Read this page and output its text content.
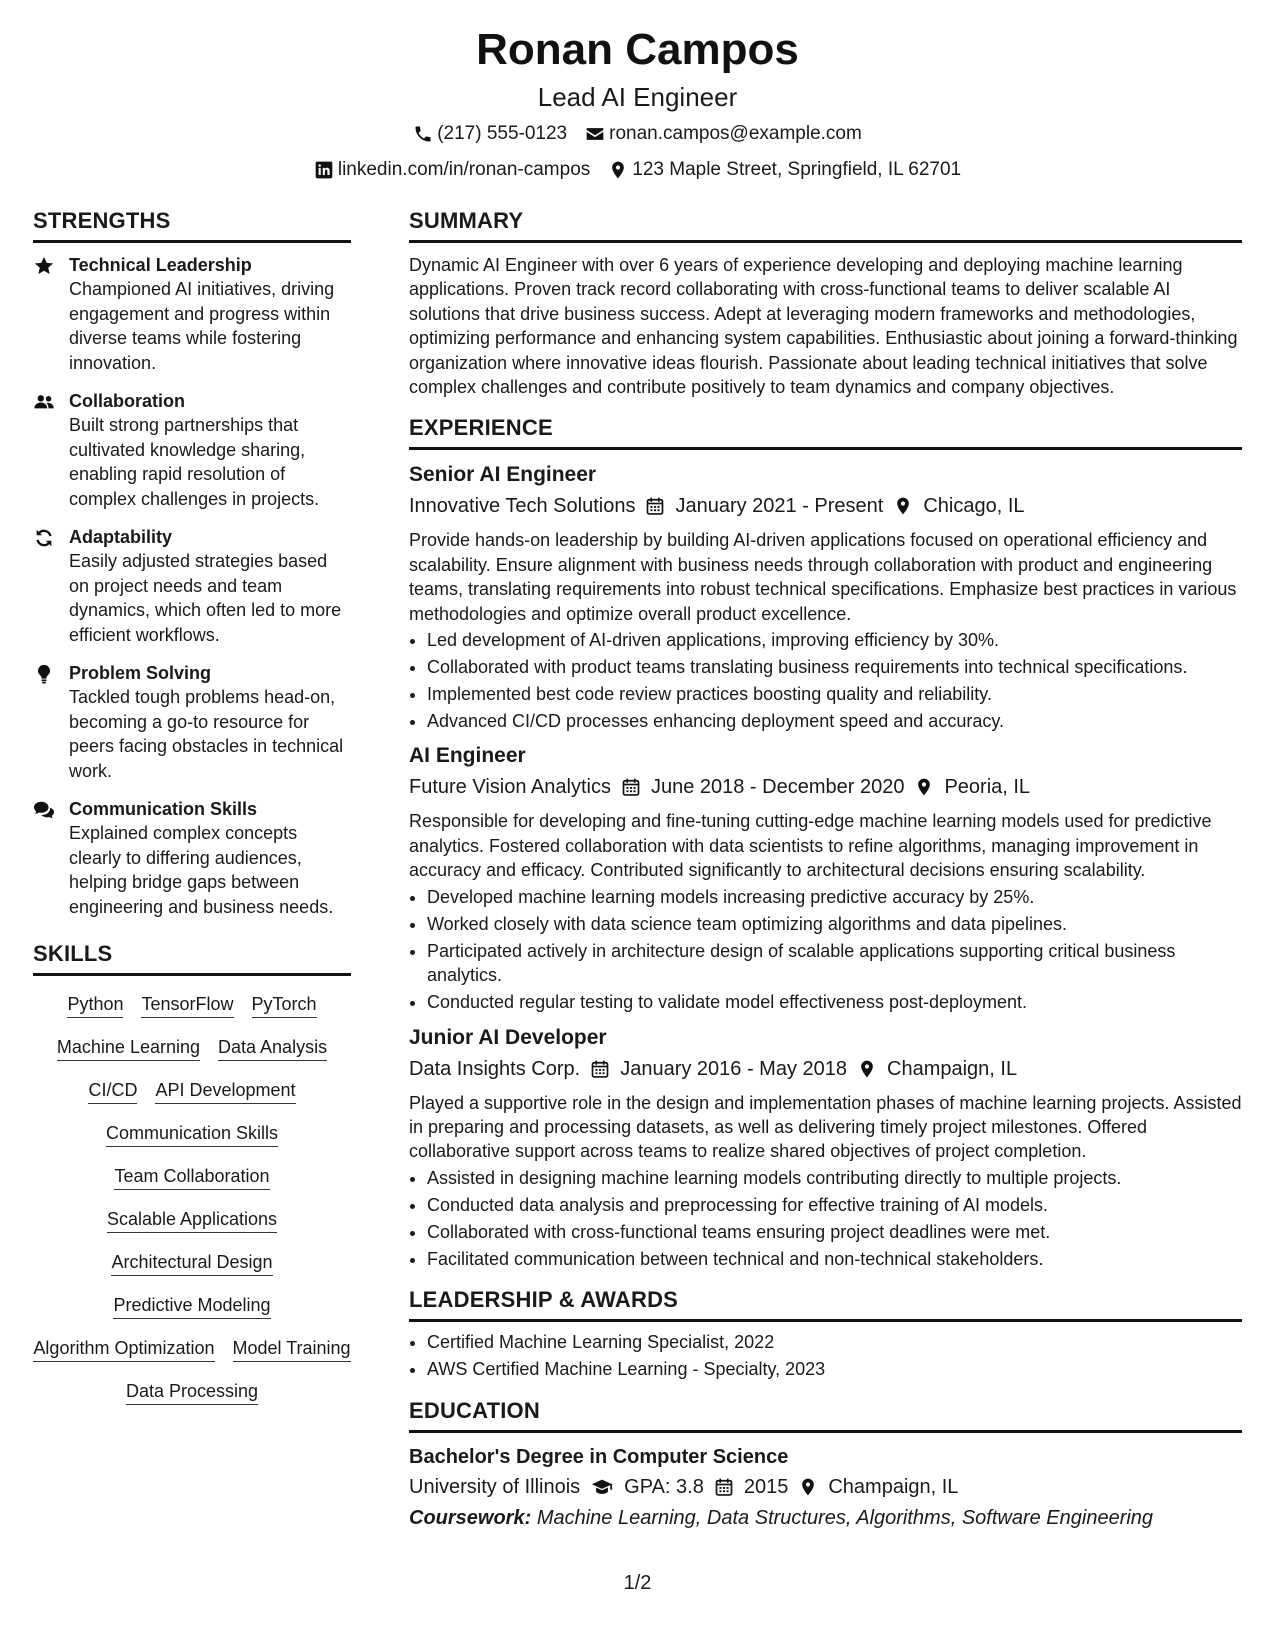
Ronan Campos
Lead AI Engineer
(217) 555-0123 ronan.campos@example.com
linkedin.com/in/ronan-campos 123 Maple Street, Springfield, IL 62701
STRENGTHS
Technical Leadership
Championed AI initiatives, driving engagement and progress within diverse teams while fostering innovation.
Collaboration
Built strong partnerships that cultivated knowledge sharing, enabling rapid resolution of complex challenges in projects.
Adaptability
Easily adjusted strategies based on project needs and team dynamics, which often led to more efficient workflows.
Problem Solving
Tackled tough problems head-on, becoming a go-to resource for peers facing obstacles in technical work.
Communication Skills
Explained complex concepts clearly to differing audiences, helping bridge gaps between engineering and business needs.
SKILLS
Python TensorFlow PyTorch
Machine Learning Data Analysis
CI/CD API Development
Communication Skills
Team Collaboration
Scalable Applications
Architectural Design
Predictive Modeling
Algorithm Optimization Model Training
Data Processing
SUMMARY
Dynamic AI Engineer with over 6 years of experience developing and deploying machine learning applications. Proven track record collaborating with cross-functional teams to deliver scalable AI solutions that drive business success. Adept at leveraging modern frameworks and methodologies, optimizing performance and enhancing system capabilities. Enthusiastic about joining a forward-thinking organization where innovative ideas flourish. Passionate about leading technical initiatives that solve complex challenges and contribute positively to team dynamics and company objectives.
EXPERIENCE
Senior AI Engineer
Innovative Tech Solutions January 2021 - Present Chicago, IL
Provide hands-on leadership by building AI-driven applications focused on operational efficiency and scalability. Ensure alignment with business needs through collaboration with product and engineering teams, translating requirements into robust technical specifications. Emphasize best practices in various methodologies and optimize overall product excellence.
• Led development of AI-driven applications, improving efficiency by 30%.
• Collaborated with product teams translating business requirements into technical specifications.
• Implemented best code review practices boosting quality and reliability.
• Advanced CI/CD processes enhancing deployment speed and accuracy.
AI Engineer
Future Vision Analytics June 2018 - December 2020 Peoria, IL
Responsible for developing and fine-tuning cutting-edge machine learning models used for predictive analytics. Fostered collaboration with data scientists to refine algorithms, managing improvement in accuracy and efficacy. Contributed significantly to architectural decisions ensuring scalability.
• Developed machine learning models increasing predictive accuracy by 25%.
• Worked closely with data science team optimizing algorithms and data pipelines.
• Participated actively in architecture design of scalable applications supporting critical business analytics.
• Conducted regular testing to validate model effectiveness post-deployment.
Junior AI Developer
Data Insights Corp. January 2016 - May 2018 Champaign, IL
Played a supportive role in the design and implementation phases of machine learning projects. Assisted in preparing and processing datasets, as well as delivering timely project milestones. Offered collaborative support across teams to realize shared objectives of project completion.
• Assisted in designing machine learning models contributing directly to multiple projects.
• Conducted data analysis and preprocessing for effective training of AI models.
• Collaborated with cross-functional teams ensuring project deadlines were met.
• Facilitated communication between technical and non-technical stakeholders.
LEADERSHIP & AWARDS
• Certified Machine Learning Specialist, 2022
• AWS Certified Machine Learning - Specialty, 2023
EDUCATION
Bachelor's Degree in Computer Science
University of Illinois GPA: 3.8 2015 Champaign, IL
Coursework: Machine Learning, Data Structures, Algorithms, Software Engineering
1/2
